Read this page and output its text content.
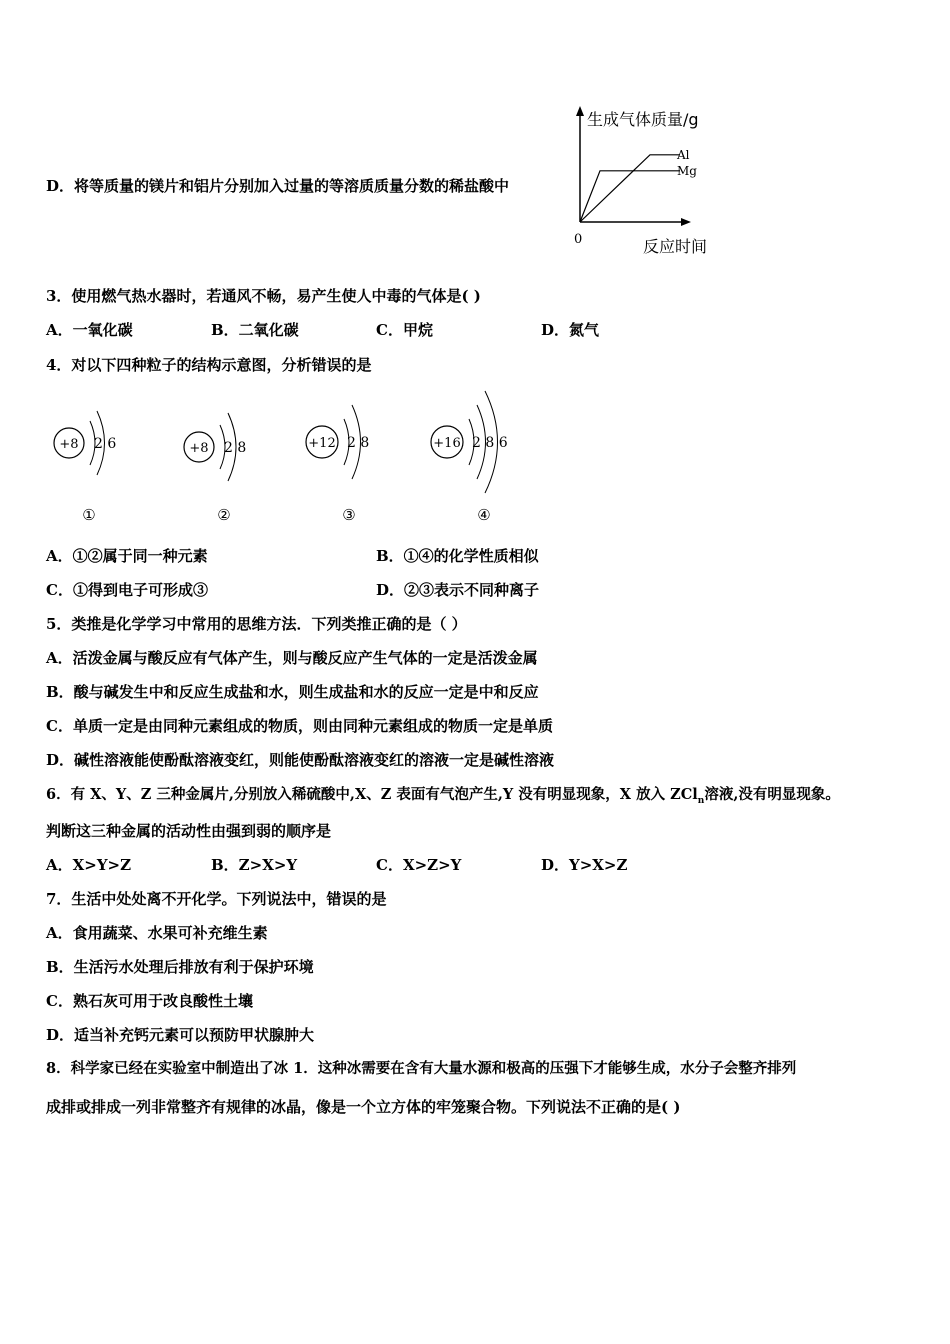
D．将等质量的镁片和铝片分别加入过量的等溶质质量分数的稀盐酸中
生成气体质量/g
反应时间
0
Al
Mg
3．使用燃气热水器时，若通风不畅，易产生使人中毒的气体是( )
A．一氧化碳	B．二氧化碳	C．甲烷	D．氮气
4．对以下四种粒子的结构示意图，分析错误的是
+8 2 6
①
+8 2 8
②
+12 2 8
③
+16 2 8 6
④
A．①②属于同一种元素	B．①④的化学性质相似
C．①得到电子可形成③	D．②③表示不同种离子
5．类推是化学学习中常用的思维方法．下列类推正确的是（ ）
A．活泼金属与酸反应有气体产生，则与酸反应产生气体的一定是活泼金属
B．酸与碱发生中和反应生成盐和水，则生成盐和水的反应一定是中和反应
C．单质一定是由同种元素组成的物质，则由同种元素组成的物质一定是单质
D．碱性溶液能使酚酞溶液变红，则能使酚酞溶液变红的溶液一定是碱性溶液
6．有 X、Y、Z 三种金属片,分别放入稀硫酸中,X、Z 表面有气泡产生,Y 没有明显现象，X 放入 ZCl$_n$溶液,没有明显现象。
判断这三种金属的活动性由强到弱的顺序是
A．X>Y>Z	B．Z>X>Y	C．X>Z>Y	D．Y>X>Z
7．生活中处处离不开化学。下列说法中，错误的是
A．食用蔬菜、水果可补充维生素
B．生活污水处理后排放有利于保护环境
C．熟石灰可用于改良酸性土壤
D．适当补充钙元素可以预防甲状腺肿大
8．科学家已经在实验室中制造出了冰 1．这种冰需要在含有大量水源和极高的压强下才能够生成，水分子会整齐排列
成排或排成一列非常整齐有规律的冰晶，像是一个立方体的牢笼聚合物。下列说法不正确的是( )
